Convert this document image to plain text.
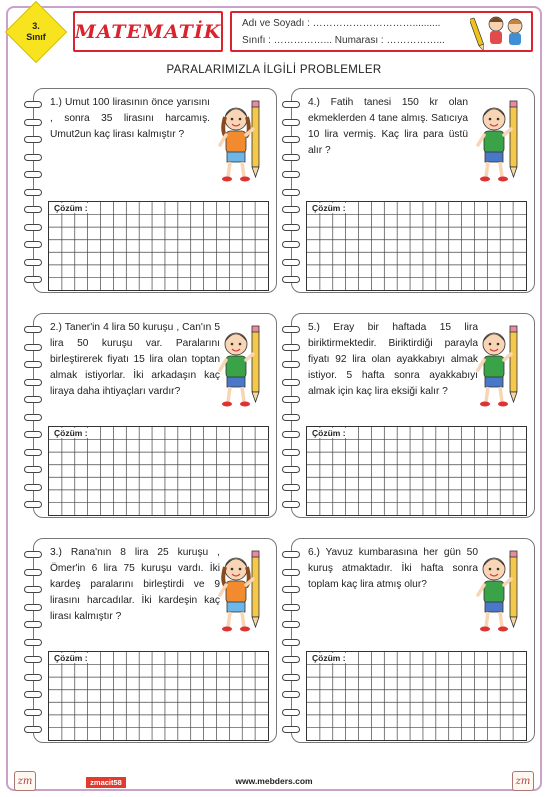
3.
Sınıf MATEMATİK Adı ve Soyadı : …………………………..........
Sınıfı : ……………... Numarası : ……………...
PARALARIMIZLA İLGİLİ PROBLEMLER
1.) Umut 100 lirasının önce yarısını , sonra 35 lirasını harcamış. Umut2un kaç lirası kalmıştır ?
Çözüm :
4.) Fatih tanesi 150 kr olan ekmeklerden 4 tane almış. Satıcıya 10 lira vermiş. Kaç lira para üstü alır ?
Çözüm :
2.) Taner'in 4 lira 50 kuruşu , Can'ın 5 lira 50 kuruşu var. Paralarını birleştirerek fiyatı 15 lira olan toptan almak istiyorlar. İki arkadaşın kaç liraya daha ihtiyaçları vardır?
Çözüm :
5.) Eray bir haftada 15 lira biriktirmektedir. Biriktirdiği parayla fiyatı 92 lira olan ayakkabıyı almak istiyor. 5 hafta sonra ayakkabıyı almak için kaç lira eksiği kalır ?
Çözüm :
3.) Rana'nın 8 lira 25 kuruşu , Ömer'in 6 lira 75 kuruşu vardı. İki kardeş paralarını birleştirdi ve 9 lirasını harcadılar. İki kardeşin kaç lirası kalmıştır ?
Çözüm :
6.) Yavuz kumbarasına her gün 50 kuruş atmaktadır. İki hafta sonra toplam kaç lira atmış olur?
Çözüm :
zm	zmacit58	www.mebders.com	zm
